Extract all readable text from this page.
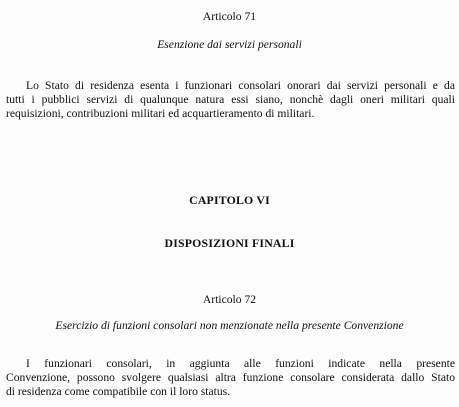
Articolo 71
Esenzione dai servizi personali
Lo Stato di residenza esenta i funzionari consolari onorari dai servizi personali e da
tutti i pubblici servizi di qualunque natura essi siano, nonchè dagli oneri militari quali
requisizioni, contribuzioni militari ed acquartieramento di militari.
CAPITOLO VI
DISPOSIZIONI FINALI
Articolo 72
Esercizio di funzioni consolari non menzionate nella presente Convenzione
I funzionari consolari, in aggiunta alle funzioni indicate nella presente
Convenzione, possono svolgere qualsiasi altra funzione consolare considerata dallo Stato
di residenza come compatibile con il loro status.
